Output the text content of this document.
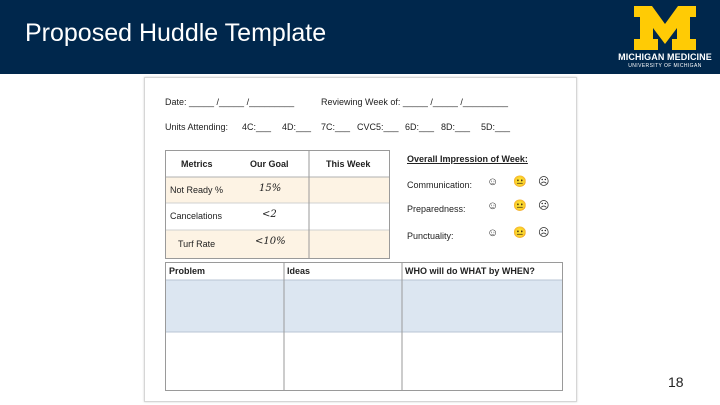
Proposed Huddle Template
MICHIGAN MEDICINE
UNIVERSITY OF MICHIGAN
Date: _____ /_____ /_________	Reviewing Week of: _____ /_____ /_________
Units Attending: 4C:___ 4D:___ 7C:___ CVC5:___ 6D:___ 8D:___ 5D:___
Metrics	Our Goal	This Week
Not Ready %	15%
Cancelations	<2
Turf Rate	<10%
Overall Impression of Week:
Communication: ☺ 😐 ☹
Preparedness: ☺ 😐 ☹
Punctuality:	☺ 😐 ☹
Problem	Ideas	WHO will do WHAT by WHEN?
18
